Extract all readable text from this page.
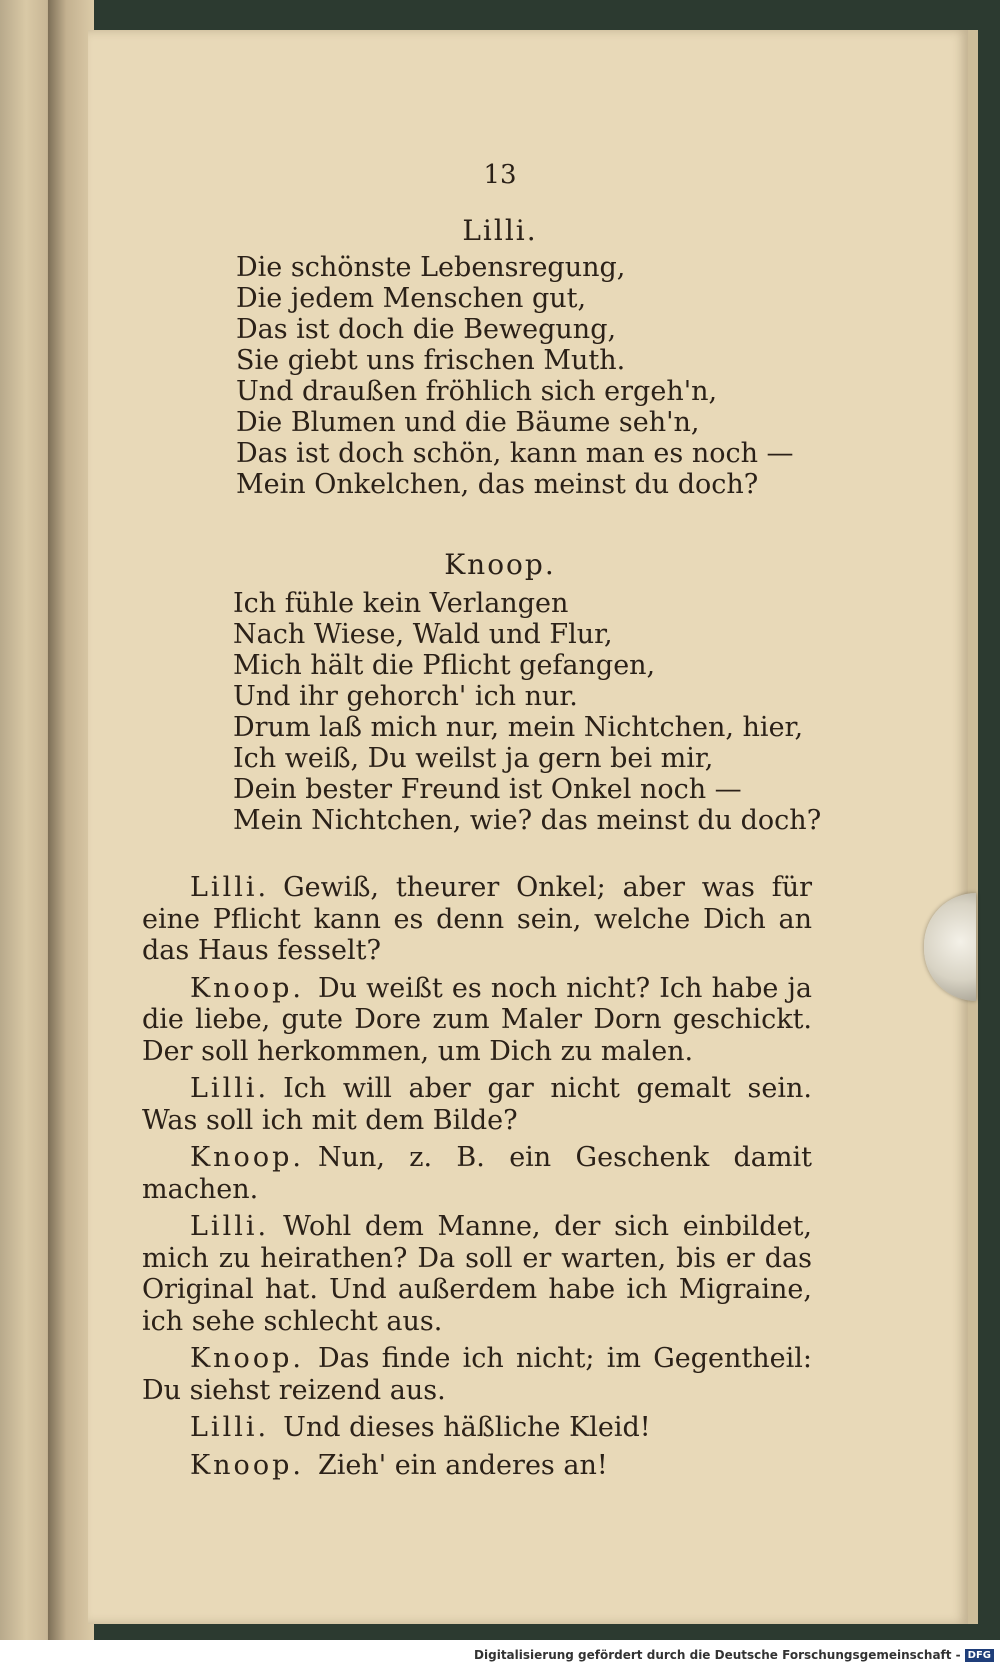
13
Lilli.
Die schönste Lebensregung,
Die jedem Menschen gut,
Das ist doch die Bewegung,
Sie giebt uns frischen Muth.
Und draußen fröhlich sich ergeh'n,
Die Blumen und die Bäume seh'n,
Das ist doch schön, kann man es noch —
Mein Onkelchen, das meinst du doch?
Knoop.
Ich fühle kein Verlangen
Nach Wiese, Wald und Flur,
Mich hält die Pflicht gefangen,
Und ihr gehorch' ich nur.
Drum laß mich nur, mein Nichtchen, hier,
Ich weiß, Du weilst ja gern bei mir,
Dein bester Freund ist Onkel noch —
Mein Nichtchen, wie? das meinst du doch?
Lilli. Gewiß, theurer Onkel; aber was für eine Pflicht kann es denn sein, welche Dich an das Haus fesselt?
Knoop. Du weißt es noch nicht? Ich habe ja die liebe, gute Dore zum Maler Dorn geschickt. Der soll herkommen, um Dich zu malen.
Lilli. Ich will aber gar nicht gemalt sein. Was soll ich mit dem Bilde?
Knoop. Nun, z. B. ein Geschenk damit machen.
Lilli. Wohl dem Manne, der sich einbildet, mich zu heirathen? Da soll er warten, bis er das Original hat. Und außerdem habe ich Migraine, ich sehe schlecht aus.
Knoop. Das finde ich nicht; im Gegentheil: Du siehst reizend aus.
Lilli. Und dieses häßliche Kleid!
Knoop. Zieh' ein anderes an!
Digitalisierung gefördert durch die Deutsche Forschungsgemeinschaft - DFG
